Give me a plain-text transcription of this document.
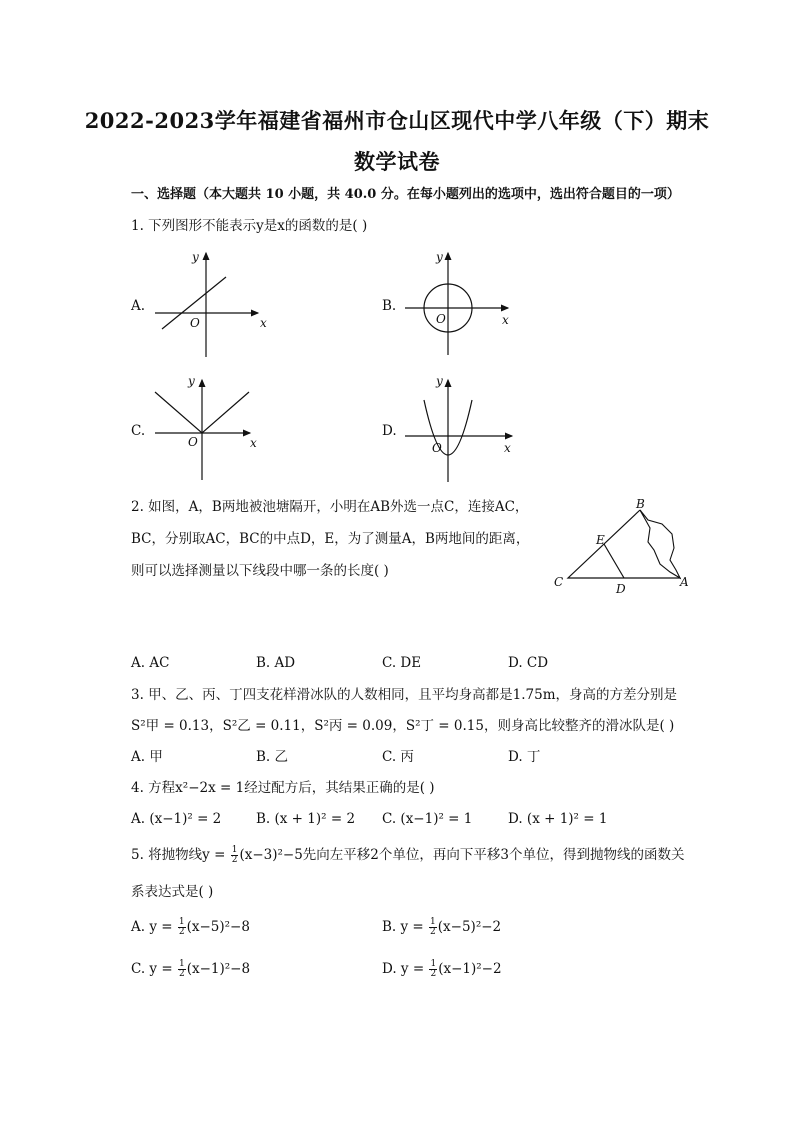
2022-2023学年福建省福州市仓山区现代中学八年级（下）期末
数学试卷
一、选择题（本大题共 10 小题，共 40.0 分。在每小题列出的选项中，选出符合题目的一项）
1. 下列图形不能表示y是x的函数的是( )
A.	B.
C.	D.
x
y
O	x
y
O
x
y
O	x
y
O
2. 如图，A，B两地被池塘隔开，小明在AB外选一点C，连接AC，
BC，分别取AC，BC的中点D，E，为了测量A，B两地间的距离，
则可以选择测量以下线段中哪一条的长度( )
B
E
C	D	A
A. AC	B. AD	C. DE	D. CD
3. 甲、乙、丙、丁四支花样滑冰队的人数相同，且平均身高都是1.75m，身高的方差分别是
S²甲 = 0.13，S²乙 = 0.11，S²丙 = 0.09，S²丁 = 0.15，则身高比较整齐的滑冰队是( )
A. 甲	B. 乙	C. 丙	D. 丁
4. 方程x²−2x = 1经过配方后，其结果正确的是( )
A. (x−1)² = 2	B. (x + 1)² = 2 C. (x−1)² = 1	D. (x + 1)² = 1
5. 将抛物线$y = \frac{1}{2} (x-3)^2-5$先向左平移2个单位，再向下平移3个单位，得到抛物线的函数关
系表达式是( )
A. $y = \frac{1}{2} (x-5)^2-8$	B. $y = \frac{1}{2} (x-5)^2-2$
C. $y = \frac{1}{2} (x-1)^2-8$	D. $y = \frac{1}{2} (x-1)^2-2$
